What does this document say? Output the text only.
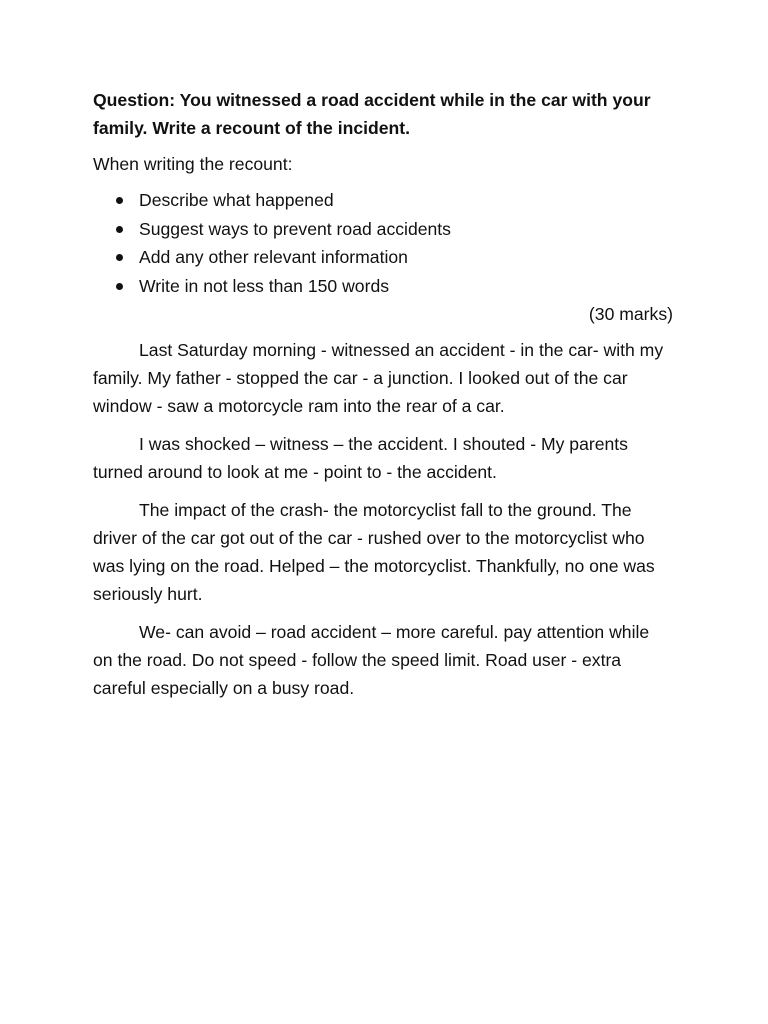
Question: You witnessed a road accident while in the car with your family. Write a recount of the incident.

When writing the recount:

Describe what happened
Suggest ways to prevent road accidents
Add any other relevant information
Write in not less than 150 words

(30 marks)

Last Saturday morning - witnessed an accident - in the car- with my family. My father - stopped the car - a junction. I looked out of the car window - saw a motorcycle ram into the rear of a car.

I was shocked – witness – the accident. I shouted - My parents turned around to look at me - point to - the accident.

The impact of the crash- the motorcyclist fall to the ground. The driver of the car got out of the car - rushed over to the motorcyclist who was lying on the road. Helped – the motorcyclist. Thankfully, no one was seriously hurt.

We- can avoid – road accident – more careful. pay attention while on the road. Do not speed - follow the speed limit. Road user - extra careful especially on a busy road.
